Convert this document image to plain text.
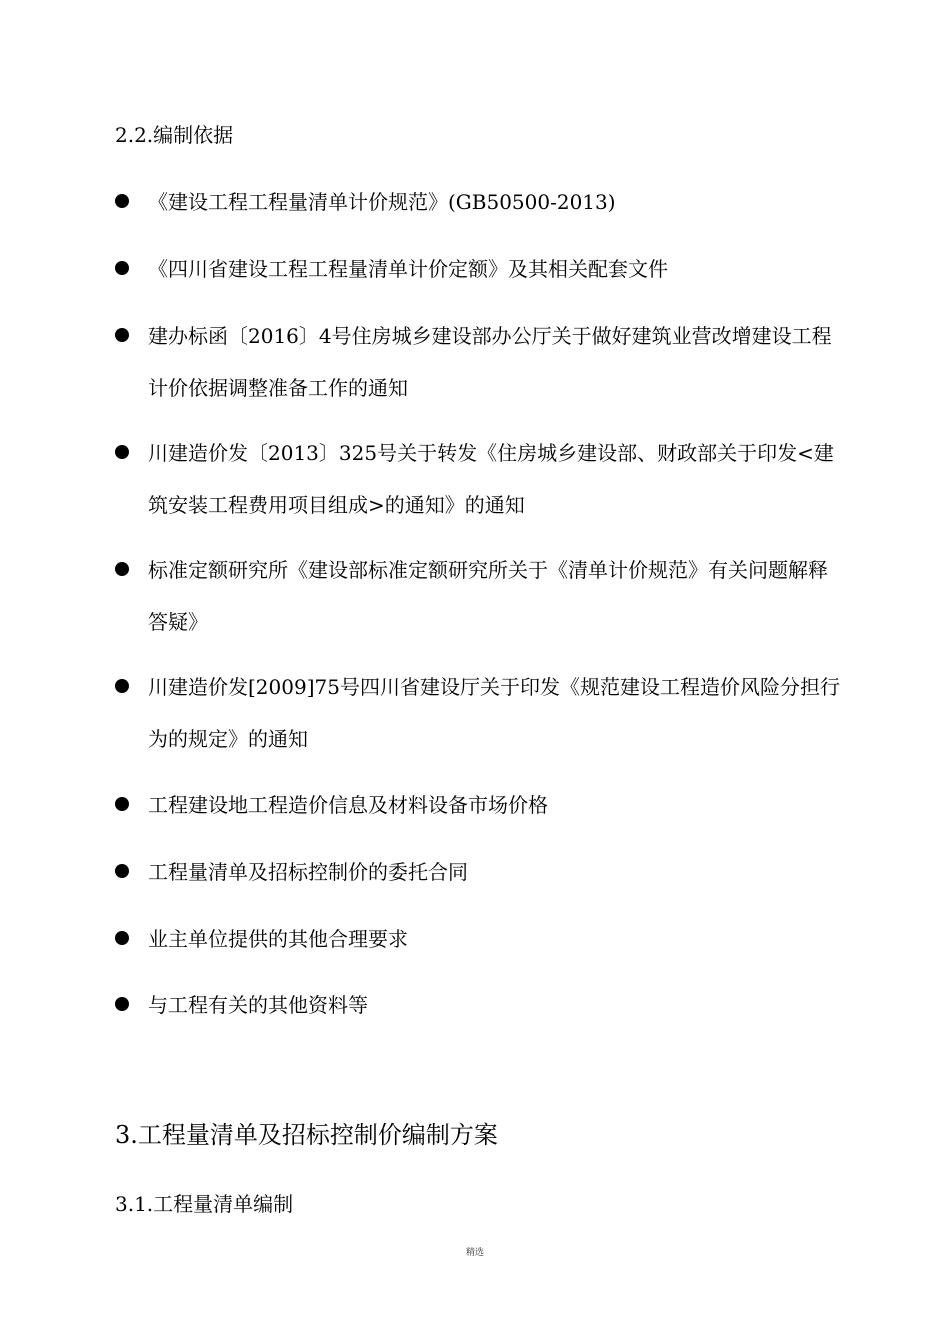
2.2.编制依据
《建设工程工程量清单计价规范》(GB50500-2013)
《四川省建设工程工程量清单计价定额》及其相关配套文件
建办标函〔2016〕4号住房城乡建设部办公厅关于做好建筑业营改增建设工程计价依据调整准备工作的通知
川建造价发〔2013〕325号关于转发《住房城乡建设部、财政部关于印发<建筑安装工程费用项目组成>的通知》的通知
标准定额研究所《建设部标准定额研究所关于《清单计价规范》有关问题解释答疑》
川建造价发[2009]75号四川省建设厅关于印发《规范建设工程造价风险分担行为的规定》的通知
工程建设地工程造价信息及材料设备市场价格
工程量清单及招标控制价的委托合同
业主单位提供的其他合理要求
与工程有关的其他资料等
3.工程量清单及招标控制价编制方案
3.1.工程量清单编制
精选
